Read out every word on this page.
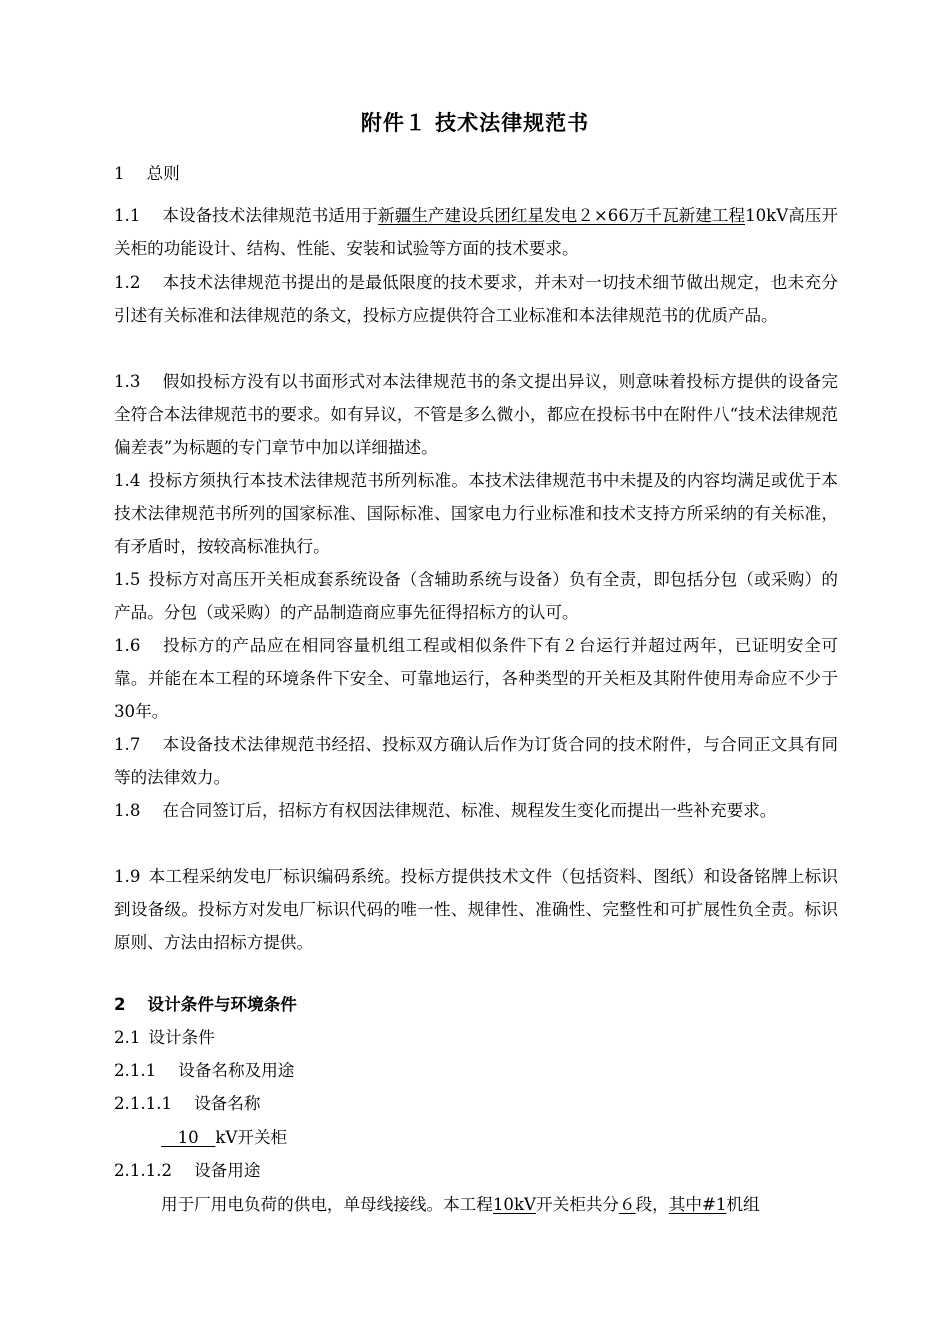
附件１ 技术法律规范书
1 总则
1.1 本设备技术法律规范书适用于新疆生产建设兵团红星发电２×66万千瓦新建工程10kV高压开关柜的功能设计、结构、性能、安装和试验等方面的技术要求。
1.2 本技术法律规范书提出的是最低限度的技术要求，并未对一切技术细节做出规定，也未充分引述有关标准和法律规范的条文，投标方应提供符合工业标准和本法律规范书的优质产品。
1.3 假如投标方没有以书面形式对本法律规范书的条文提出异议，则意味着投标方提供的设备完全符合本法律规范书的要求。如有异议，不管是多么微小，都应在投标书中在附件八“技术法律规范偏差表”为标题的专门章节中加以详细描述。
1.4 投标方须执行本技术法律规范书所列标准。本技术法律规范书中未提及的内容均满足或优于本技术法律规范书所列的国家标准、国际标准、国家电力行业标准和技术支持方所采纳的有关标准，有矛盾时，按较高标准执行。
1.5 投标方对高压开关柜成套系统设备（含辅助系统与设备）负有全责，即包括分包（或采购）的产品。分包（或采购）的产品制造商应事先征得招标方的认可。
1.6 投标方的产品应在相同容量机组工程或相似条件下有２台运行并超过两年，已证明安全可靠。并能在本工程的环境条件下安全、可靠地运行，各种类型的开关柜及其附件使用寿命应不少于30年。
1.7 本设备技术法律规范书经招、投标双方确认后作为订货合同的技术附件，与合同正文具有同等的法律效力。
1.8 在合同签订后，招标方有权因法律规范、标准、规程发生变化而提出一些补充要求。
1.9 本工程采纳发电厂标识编码系统。投标方提供技术文件（包括资料、图纸）和设备铭牌上标识到设备级。投标方对发电厂标识代码的唯一性、规律性、准确性、完整性和可扩展性负全责。标识原则、方法由招标方提供。
2 设计条件与环境条件
2.1 设计条件
2.1.1 设备名称及用途
2.1.1.1 设备名称
 10  kV开关柜
2.1.1.2 设备用途
用于厂用电负荷的供电，单母线接线。本工程10kV开关柜共分６段，其中#1机组
